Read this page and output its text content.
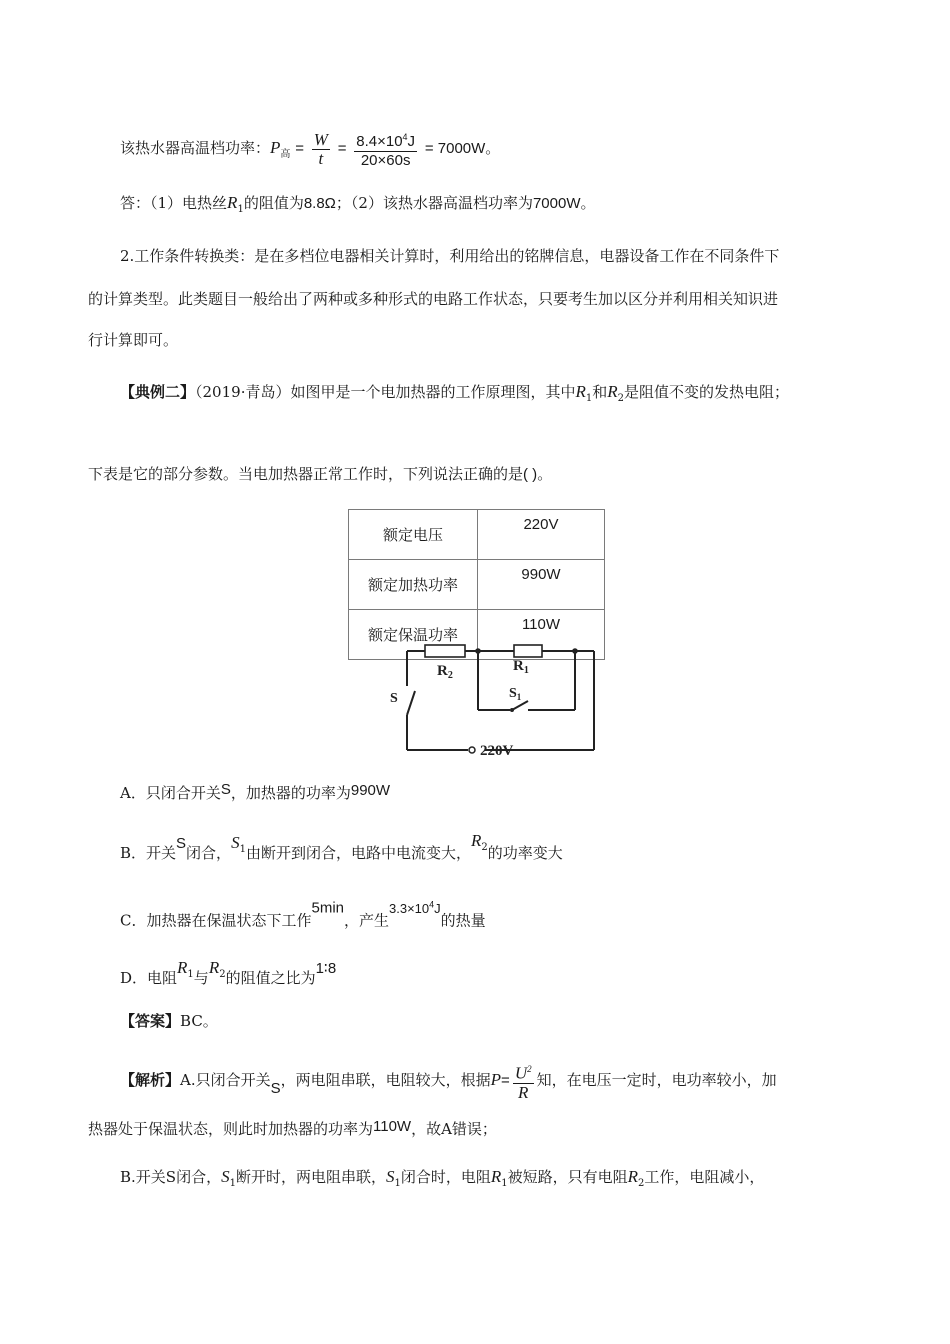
该热水器高温档功率：$P_高 = \frac{W}{t} = \frac{8.4\times 10^4J}{20\times 60s} = 7000W$。
答：（1）电热丝$R_1$的阻值为8.8Ω；（2）该热水器高温档功率为7000W。
2.工作条件转换类：是在多档位电器相关计算时，利用给出的铭牌信息，电器设备工作在不同条件下
的计算类型。此类题目一般给出了两种或多种形式的电路工作状态，只要考生加以区分并利用相关知识进
行计算即可。
【典例二】（2019·青岛）如图甲是一个电加热器的工作原理图，其中$R_1$和$R_2$是阻值不变的发热电阻；
下表是它的部分参数。当电加热器正常工作时，下列说法正确的是( )。
额定电压	220V
额定加热功率	990W
额定保温功率	110W
$R_2$
$R_1$
S	$S_1$
220V
A．只闭合开关$^S$，加热器的功率为$^{990W}$
B．开关$^S$闭合，$S_1$由断开到闭合，电路中电流变大，$R_2$的功率变大
C．加热器在保温状态下工作5min，产生$3.3\times 10^4J$的热量
D．电阻$R_1$与$R_2$的阻值之比为1∶8
【答案】BC。
【解析】A.只闭合开关S，两电阻串联，电阻较大，根据$P= \frac{U^2}{R}$ 知，在电压一定时，电功率较小，加
热器处于保温状态，则此时加热器的功率为110W，故A错误；
B.开关S闭合，$S_1$断开时，两电阻串联，$S_1$闭合时，电阻$R_1$被短路，只有电阻$R_2$工作，电阻减小，
